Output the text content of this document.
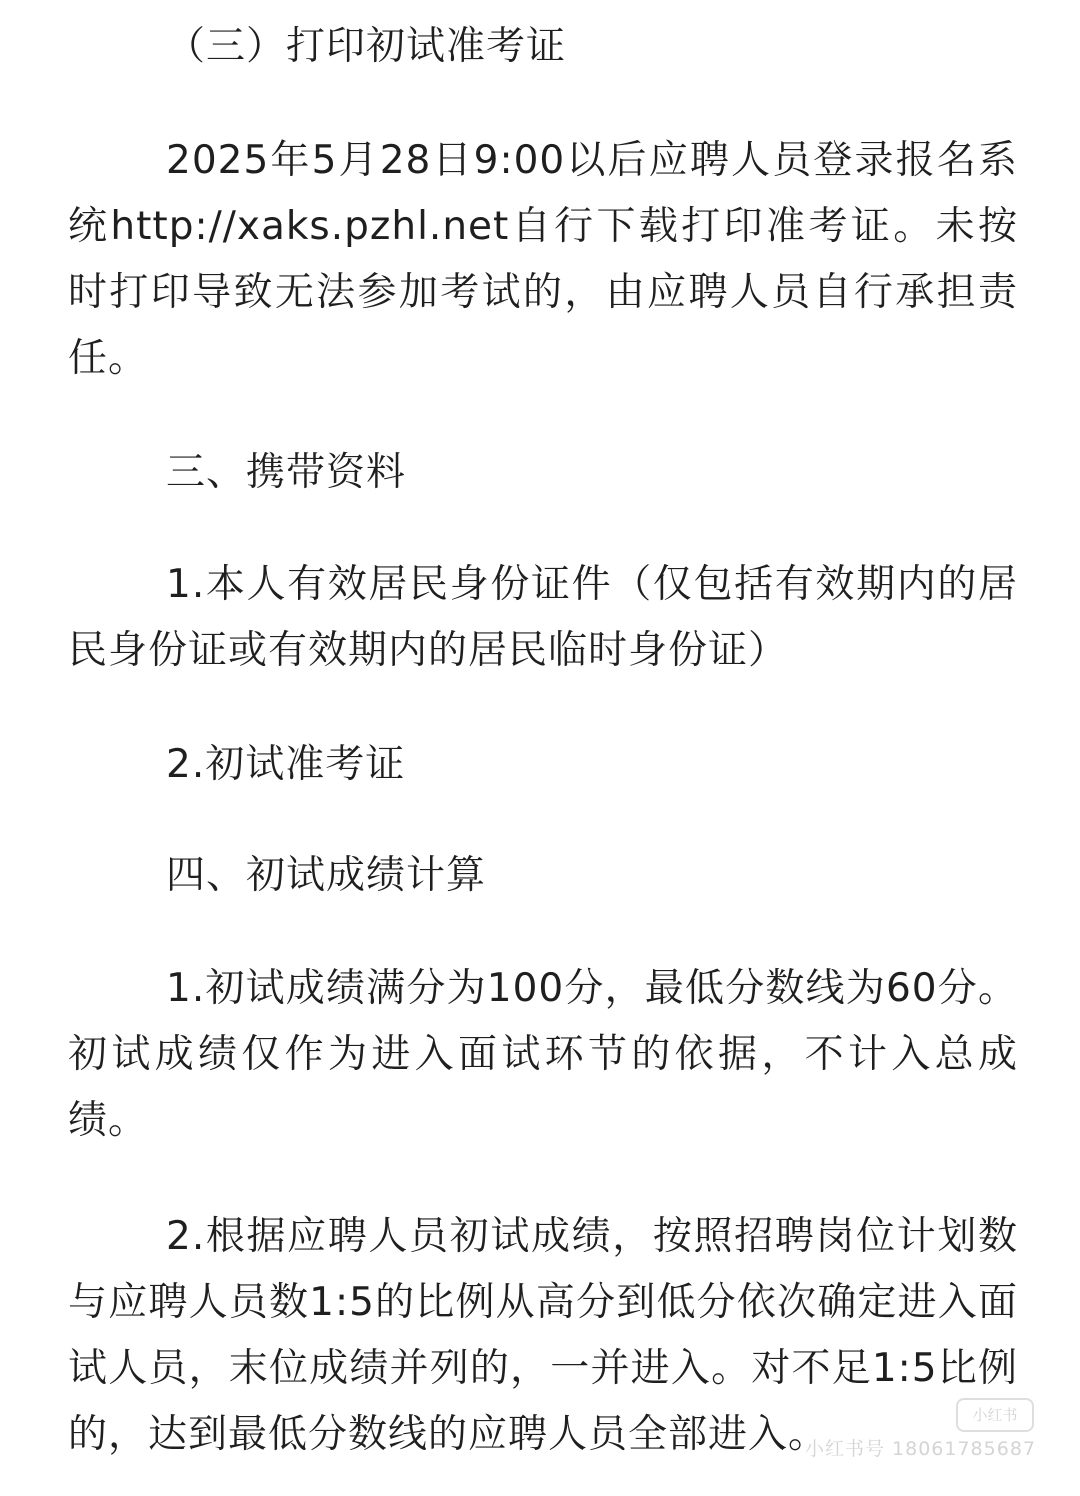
（三）打印初试准考证

2025年5月28日9:00以后应聘人员登录报名系统http://xaks.pzhl.net自行下载打印准考证。未按时打印导致无法参加考试的，由应聘人员自行承担责任。

三、携带资料

1.本人有效居民身份证件（仅包括有效期内的居民身份证或有效期内的居民临时身份证）

2.初试准考证

四、初试成绩计算

1.初试成绩满分为100分，最低分数线为60分。初试成绩仅作为进入面试环节的依据，不计入总成绩。

2.根据应聘人员初试成绩，按照招聘岗位计划数与应聘人员数1:5的比例从高分到低分依次确定进入面试人员，末位成绩并列的，一并进入。对不足1:5比例的，达到最低分数线的应聘人员全部进入。	小红书
小红书号 18061785687
